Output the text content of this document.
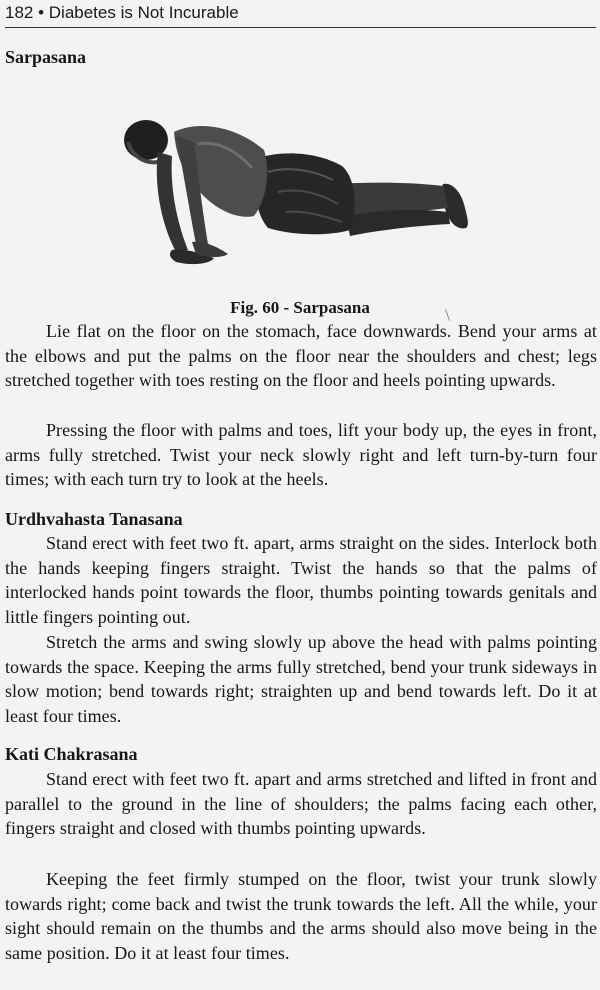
182 • Diabetes is Not Incurable
Sarpasana
Fig. 60 - Sarpasana
Lie flat on the floor on the stomach, face downwards. Bend your arms at the elbows and put the palms on the floor near the shoulders and chest; legs stretched together with toes resting on the floor and heels pointing upwards.
Pressing the floor with palms and toes, lift your body up, the eyes in front, arms fully stretched. Twist your neck slowly right and left turn-by-turn four times; with each turn try to look at the heels.
Urdhvahasta Tanasana
Stand erect with feet two ft. apart, arms straight on the sides. Interlock both the hands keeping fingers straight. Twist the hands so that the palms of interlocked hands point towards the floor, thumbs pointing towards genitals and little fingers pointing out.
Stretch the arms and swing slowly up above the head with palms pointing towards the space. Keeping the arms fully stretched, bend your trunk sideways in slow motion; bend towards right; straighten up and bend towards left. Do it at least four times.
Kati Chakrasana
Stand erect with feet two ft. apart and arms stretched and lifted in front and parallel to the ground in the line of shoulders; the palms facing each other, fingers straight and closed with thumbs pointing upwards.
Keeping the feet firmly stumped on the floor, twist your trunk slowly towards right; come back and twist the trunk towards the left. All the while, your sight should remain on the thumbs and the arms should also move being in the same position. Do it at least four times.
